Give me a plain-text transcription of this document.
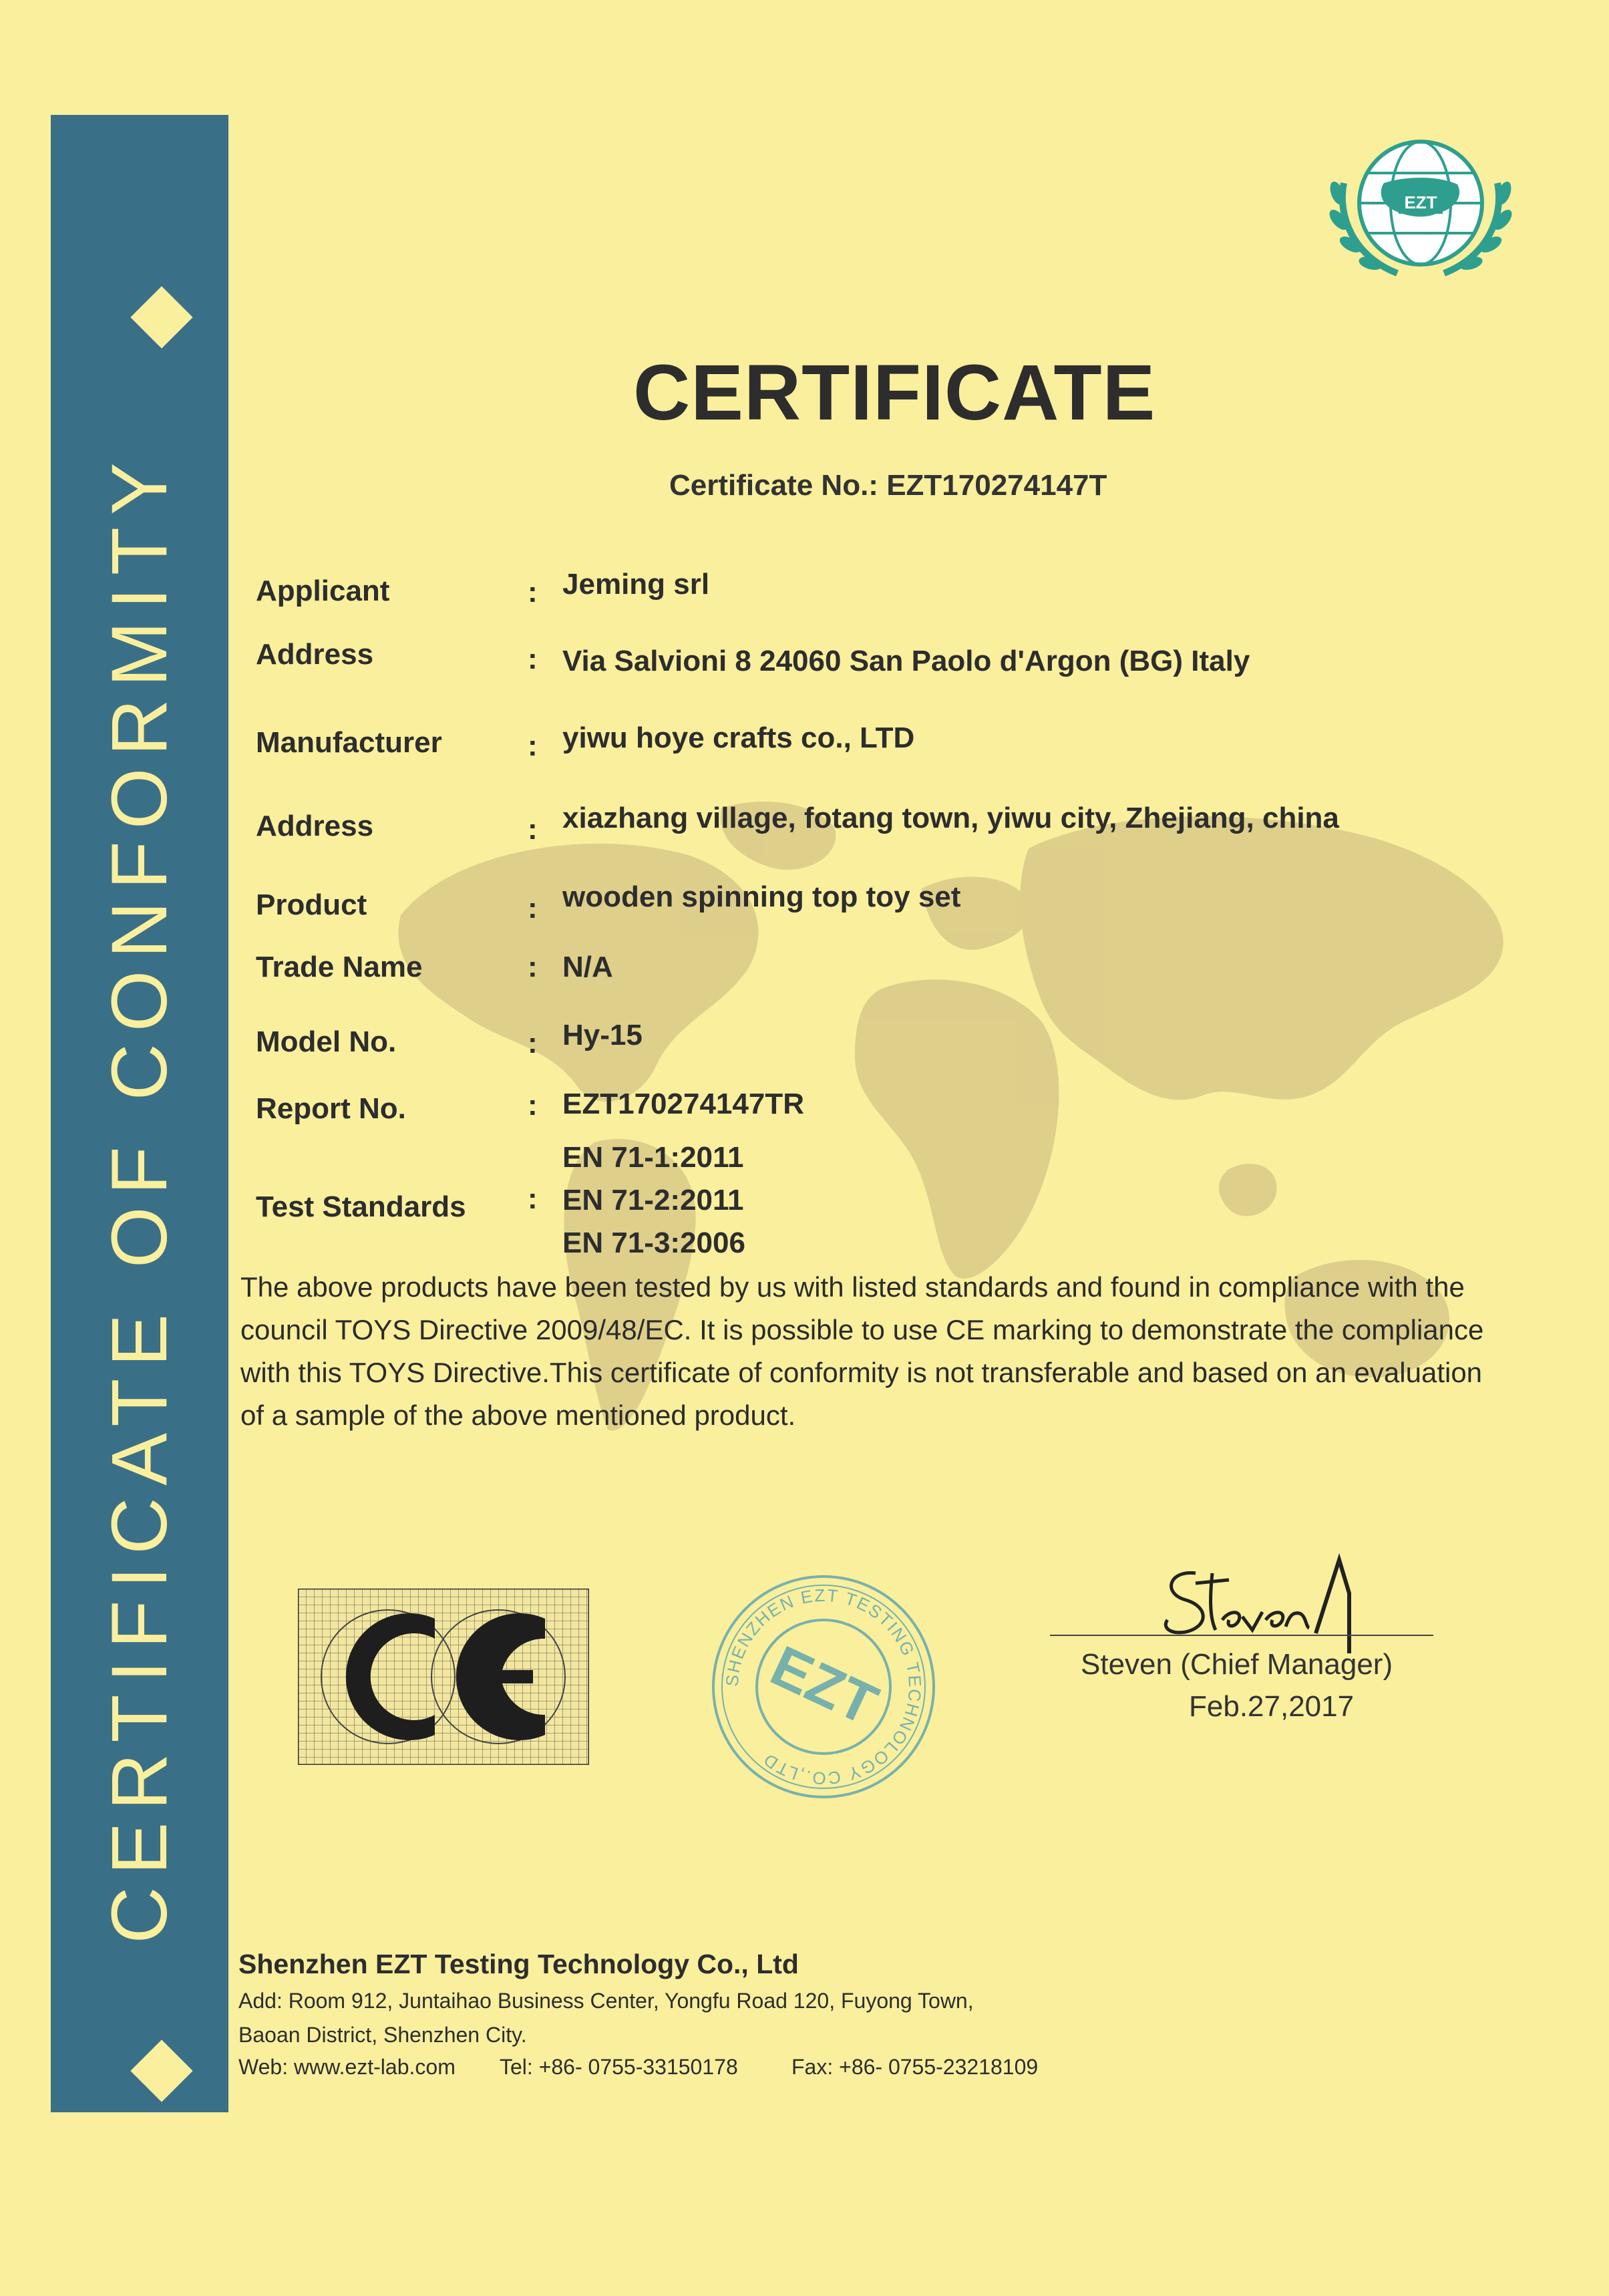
CERTIFICATE OF CONFORMITY
EZT
CERTIFICATE
Certificate No.: EZT170274147T
Applicant	: Jeming srl
Address	: Via Salvioni 8 24060 San Paolo d'Argon (BG) Italy
Manufacturer	: yiwu hoye crafts co., LTD
Address	: xiazhang village, fotang town, yiwu city, Zhejiang, china
Product	: wooden spinning top toy set
Trade Name	: N/A
Model No.	: Hy-15
Report No.	: EZT170274147TR
EN 71-1:2011
Test Standards : EN 71-2:2011
EN 71-3:2006
The above products have been tested by us with listed standards and found in compliance with the
council TOYS Directive 2009/48/EC. It is possible to use CE marking to demonstrate the compliance
with this TOYS Directive.This certificate of conformity is not transferable and based on an evaluation
of a sample of the above mentioned product.
SHENZHEN EZT TESTING TECHNOLOGY CO.,LTD
EZT	Steven (Chief Manager)
Feb.27,2017
Shenzhen EZT Testing Technology Co., Ltd
Add: Room 912, Juntaihao Business Center, Yongfu Road 120, Fuyong Town,
Baoan District, Shenzhen City.
Web: www.ezt-lab.com Tel: +86- 0755-33150178	Fax: +86- 0755-23218109
